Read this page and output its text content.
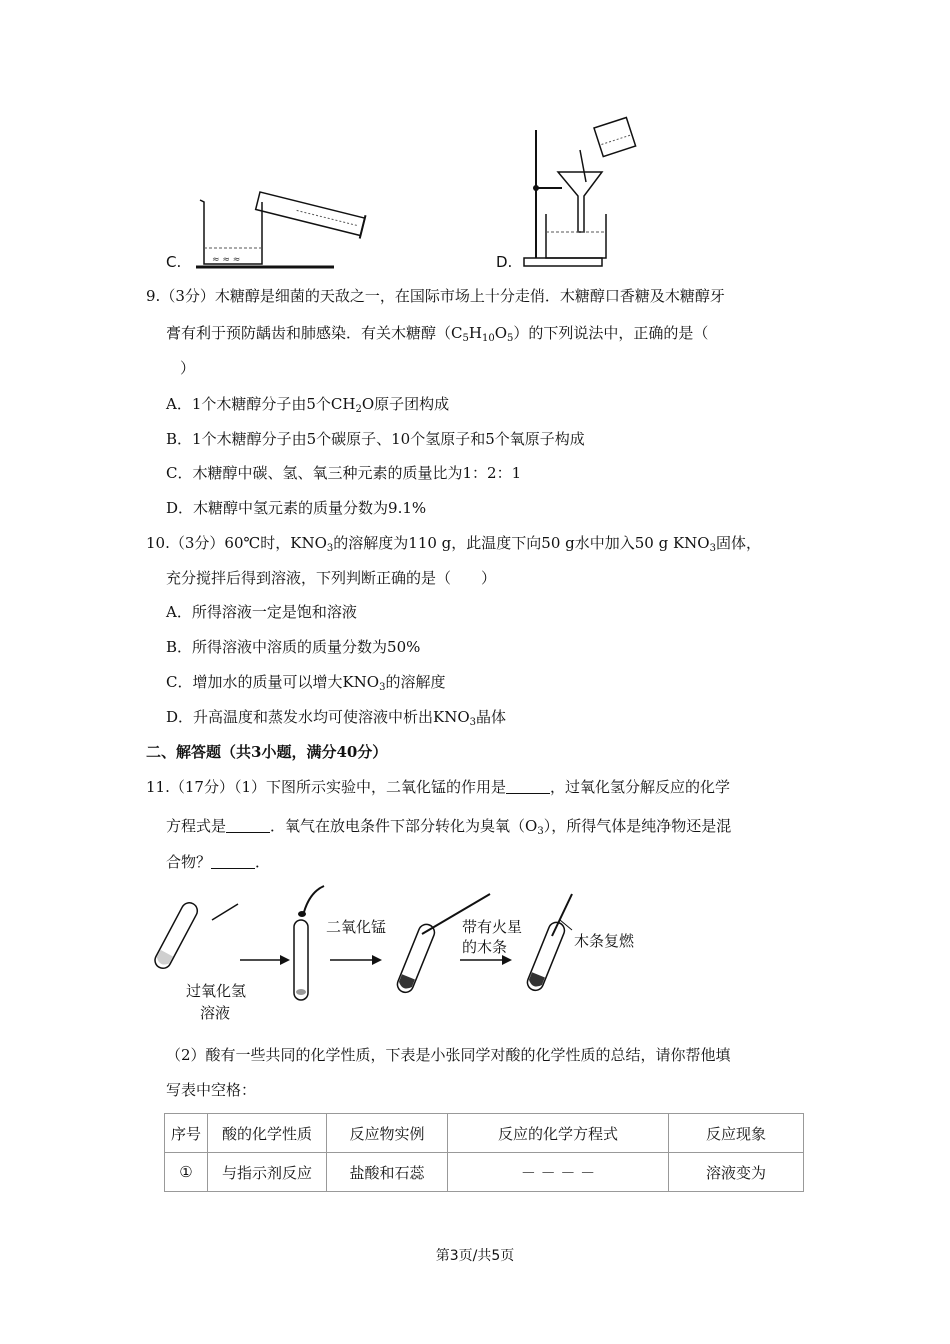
≈ ≈ ≈
C.	D.
9.（3分）木糖醇是细菌的天敌之一，在国际市场上十分走俏．木糖醇口香糖及木糖醇牙
膏有利于预防龋齿和肺感染．有关木糖醇$(C_5H_{10}O_5)$的下列说法中，正确的是（
）
A．1个木糖醇分子由5个$CH_2O$原子团构成
B．1个木糖醇分子由5个碳原子、10个氢原子和5个氧原子构成
C．木糖醇中碳、氢、氧三种元素的质量比为1：2：1
D．木糖醇中氢元素的质量分数为9.1%
10.（3分）60℃时，$KNO_3$的溶解度为110 g，此温度下向50 g水中加入50 g $KNO_3$固体，
充分搅拌后得到溶液，下列判断正确的是（　　）
A．所得溶液一定是饱和溶液
B．所得溶液中溶质的质量分数为50%
C．增加水的质量可以增大$KNO_3$的溶解度
D．升高温度和蒸发水均可使溶液中析出$KNO_3$晶体
二、解答题（共3小题，满分40分）
11.（17分）（1）下图所示实验中，二氧化锰的作用是	，过氧化氢分解反应的化学
方程式是	．氧气在放电条件下部分转化为臭氧$(O_3)$，所得气体是纯净物还是混
合物？	．
过氧化氢
溶液
二氧化锰	带有火星
的木条	木条复燃
（2）酸有一些共同的化学性质，下表是小张同学对酸的化学性质的总结，请你帮他填
写表中空格：
序号	酸的化学性质	反应物实例	反应的化学方程式	反应现象
①	与指示剂反应	盐酸和石蕊	－ － － －	溶液变为
第3页/共5页
